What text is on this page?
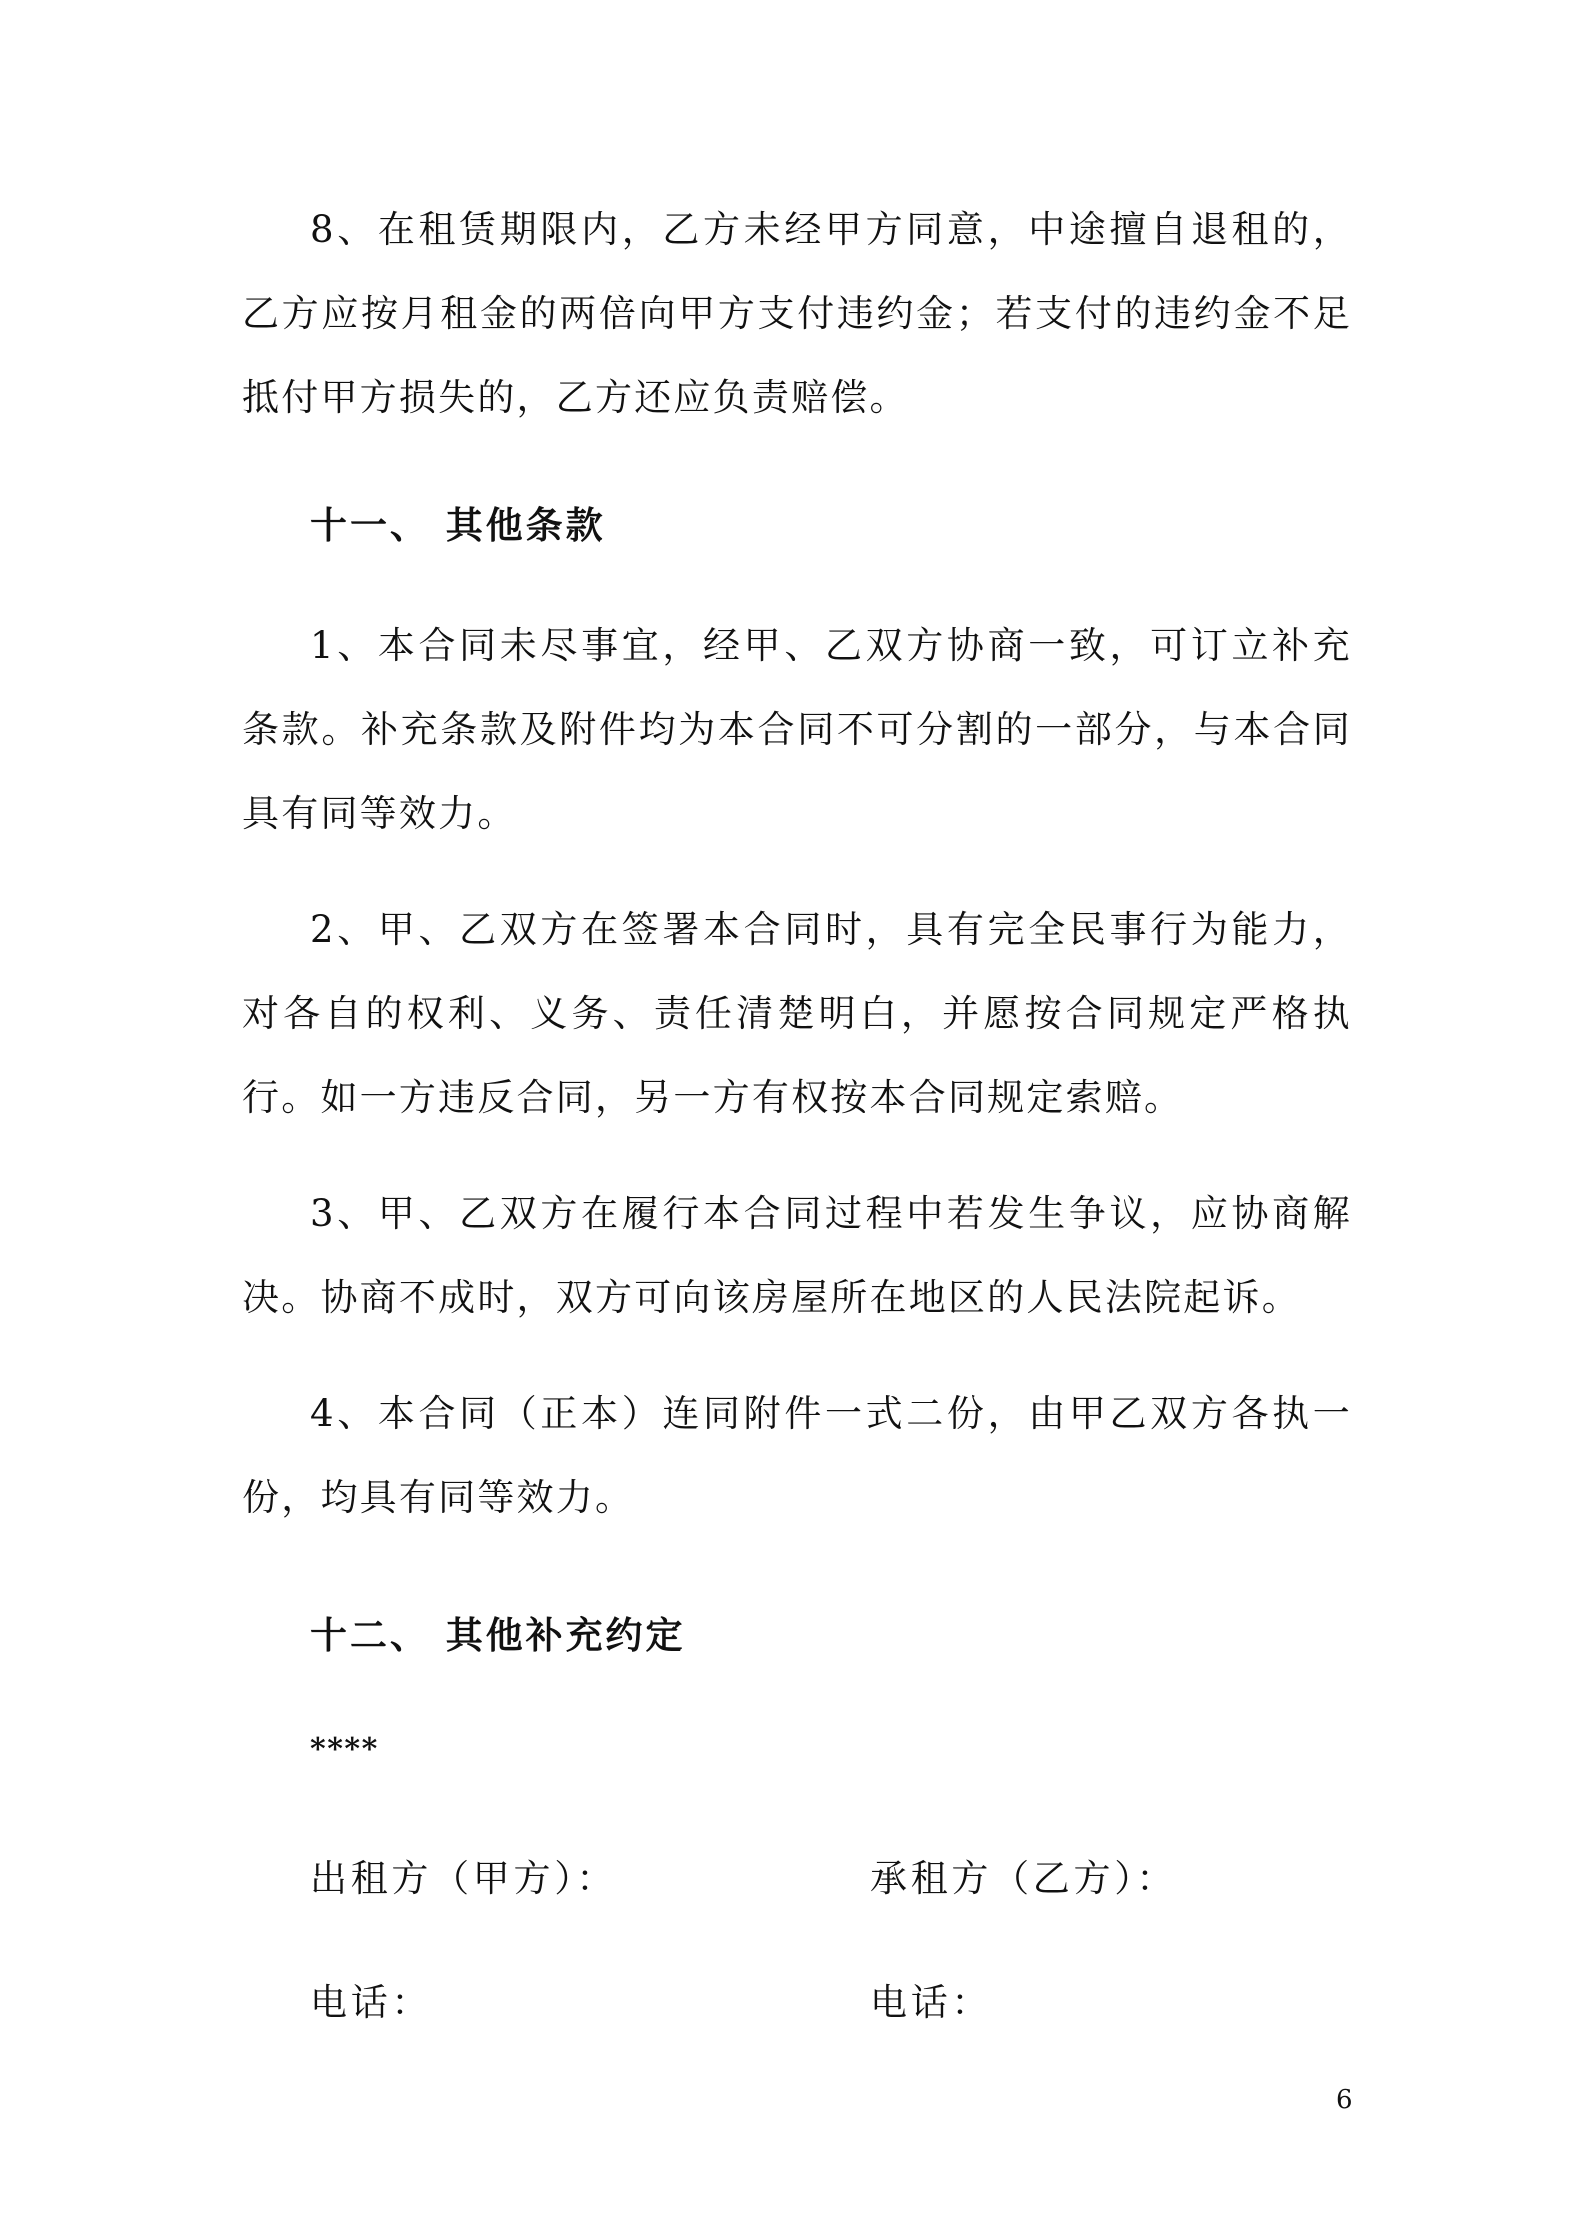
8、在租赁期限内，乙方未经甲方同意，中途擅自退租的，乙方应按月租金的两倍向甲方支付违约金；若支付的违约金不足抵付甲方损失的，乙方还应负责赔偿。

十一、 其他条款

1、本合同未尽事宜，经甲、乙双方协商一致，可订立补充条款。补充条款及附件均为本合同不可分割的一部分，与本合同具有同等效力。

2、甲、乙双方在签署本合同时，具有完全民事行为能力，对各自的权利、义务、责任清楚明白，并愿按合同规定严格执行。如一方违反合同，另一方有权按本合同规定索赔。

3、甲、乙双方在履行本合同过程中若发生争议，应协商解决。协商不成时，双方可向该房屋所在地区的人民法院起诉。

4、本合同（正本）连同附件一式二份，由甲乙双方各执一份，均具有同等效力。

十二、 其他补充约定
****
出租方（甲方）：	承租方（乙方）：
电话：	电话：
6
